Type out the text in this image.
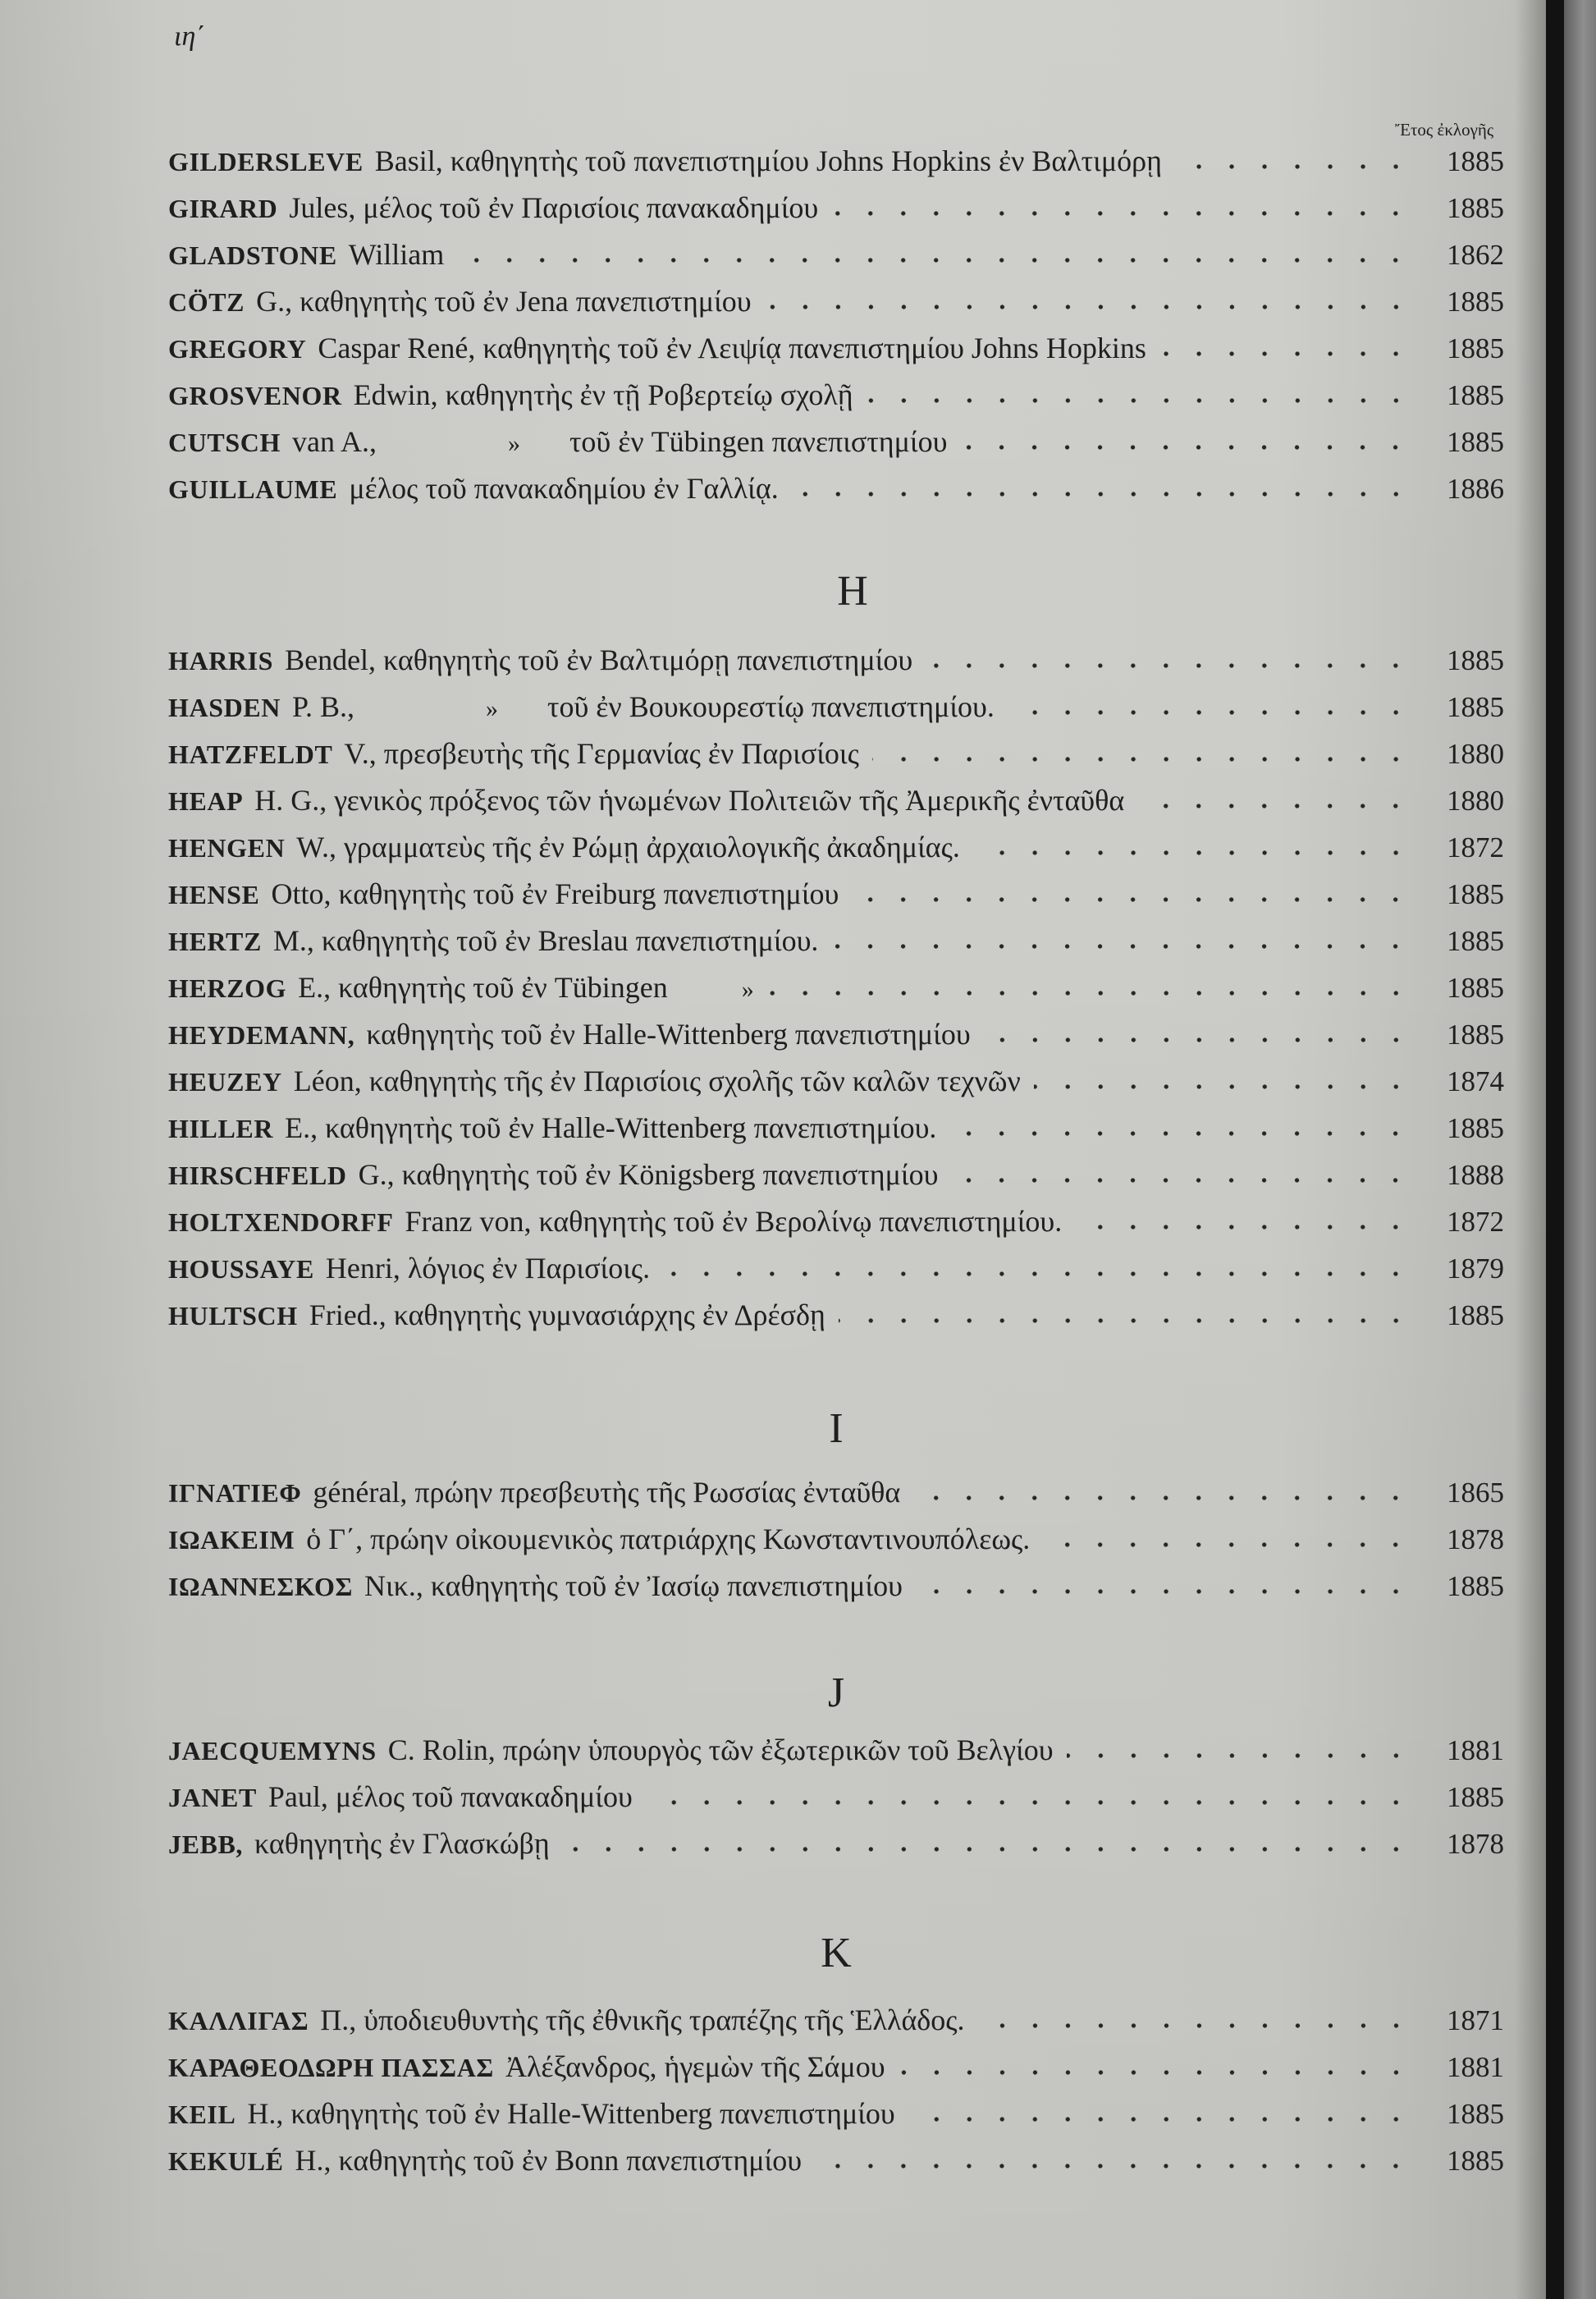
ιη΄
Ἔτος ἐκλογῆς
GILDERSLEVE Basil, καθηγητὴς τοῦ πανεπιστημίου Johns Hopkins ἐν Βαλτιμόρῃ	1885
GIRARD Jules, μέλος τοῦ ἐν Παρισίοις πανακαδημίου	1885
GLADSTONE William	1862
CÖTZ G., καθηγητὴς τοῦ ἐν Jena πανεπιστημίου	1885
GREGORY Caspar René, καθηγητὴς τοῦ ἐν Λειψίᾳ πανεπιστημίου Johns Hopkins	1885
GROSVENOR Edwin, καθηγητὴς ἐν τῇ Ροβερτείῳ σχολῇ	1885
CUTSCH van A.,	» τοῦ ἐν Tübingen πανεπιστημίου	1885
GUILLAUME μέλος τοῦ πανακαδημίου ἐν Γαλλίᾳ.	1886
H
HARRIS Bendel, καθηγητὴς τοῦ ἐν Βαλτιμόρῃ πανεπιστημίου	1885
HASDEN P. B.,	» τοῦ ἐν Βουκουρεστίῳ πανεπιστημίου.	1885
HATZFELDT V., πρεσβευτὴς τῆς Γερμανίας ἐν Παρισίοις	1880
HEAP H. G., γενικὸς πρόξενος τῶν ἡνωμένων Πολιτειῶν τῆς Ἀμερικῆς ἐνταῦθα	1880
HENGEN W., γραμματεὺς τῆς ἐν Ρώμῃ ἀρχαιολογικῆς ἀκαδημίας.	1872
HENSE Otto, καθηγητὴς τοῦ ἐν Freiburg πανεπιστημίου	1885
HERTZ M., καθηγητὴς τοῦ ἐν Breslau πανεπιστημίου.	1885
HERZOG E., καθηγητὴς τοῦ ἐν Tübingen	»	1885
HEYDEMANN, καθηγητὴς τοῦ ἐν Halle-Wittenberg πανεπιστημίου	1885
HEUZEY Léon, καθηγητὴς τῆς ἐν Παρισίοις σχολῆς τῶν καλῶν τεχνῶν	1874
HILLER E., καθηγητὴς τοῦ ἐν Halle-Wittenberg πανεπιστημίου.	1885
HIRSCHFELD G., καθηγητὴς τοῦ ἐν Königsberg πανεπιστημίου	1888
HOLTXENDORFF Franz von, καθηγητὴς τοῦ ἐν Βερολίνῳ πανεπιστημίου.	1872
HOUSSAYE Henri, λόγιος ἐν Παρισίοις.	1879
HULTSCH Fried., καθηγητὴς γυμνασιάρχης ἐν Δρέσδῃ	1885
I
ΙΓΝΑΤΙΕΦ général, πρώην πρεσβευτὴς τῆς Ρωσσίας ἐνταῦθα	1865
ΙΩΑΚΕΙΜ ὁ Γ΄, πρώην οἰκουμενικὸς πατριάρχης Κωνσταντινουπόλεως.	1878
ΙΩΑΝΝΕΣΚΟΣ Νικ., καθηγητὴς τοῦ ἐν Ἰασίῳ πανεπιστημίου	1885
J
JAECQUEMYNS C. Rolin, πρώην ὑπουργὸς τῶν ἐξωτερικῶν τοῦ Βελγίου	1881
JANET Paul, μέλος τοῦ πανακαδημίου	1885
JEBB, καθηγητὴς ἐν Γλασκώβῃ	1878
K
ΚΑΛΛΙΓΑΣ Π., ὑποδιευθυντὴς τῆς ἐθνικῆς τραπέζης τῆς Ἑλλάδος.	1871
ΚΑΡΑΘΕΟΔΩΡΗ ΠΑΣΣΑΣ Ἀλέξανδρος, ἡγεμὼν τῆς Σάμου	1881
KEIL H., καθηγητὴς τοῦ ἐν Halle-Wittenberg πανεπιστημίου	1885
KEKULÉ H., καθηγητὴς τοῦ ἐν Bonn πανεπιστημίου	1885
